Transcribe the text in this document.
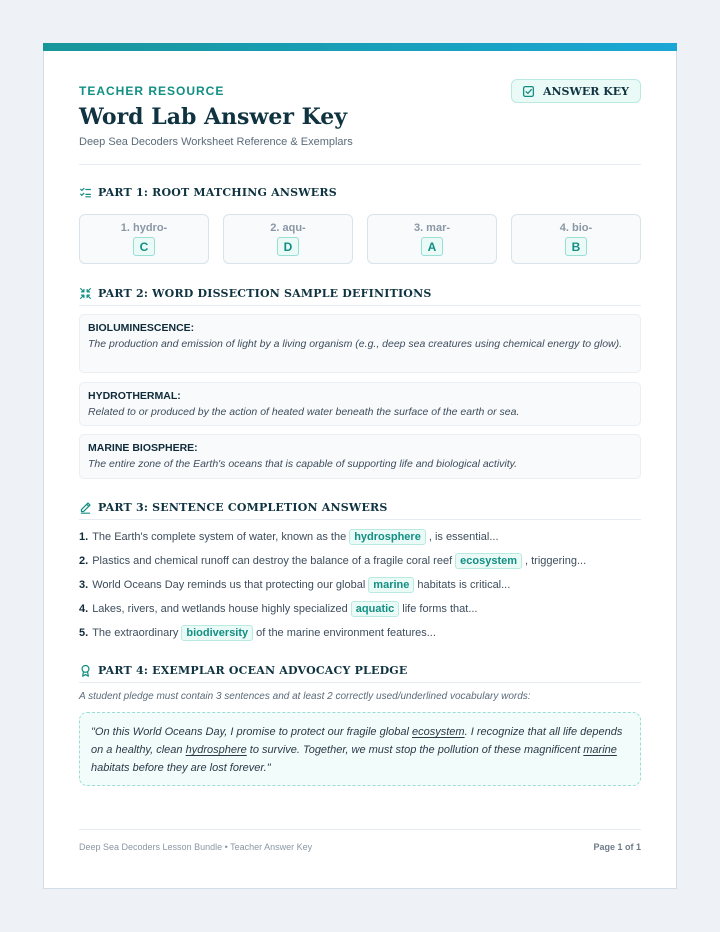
TEACHER RESOURCE	ANSWER KEY
Word Lab Answer Key
Deep Sea Decoders Worksheet Reference & Exemplars
PART 1: ROOT MATCHING ANSWERS
1. hydro-
C
2. aqu-
D
3. mar-
A
4. bio-
B
PART 2: WORD DISSECTION SAMPLE DEFINITIONS
BIOLUMINESCENCE:
The production and emission of light by a living organism (e.g., deep sea creatures using chemical energy to glow).
HYDROTHERMAL:
Related to or produced by the action of heated water beneath the surface of the earth or sea.
MARINE BIOSPHERE:
The entire zone of the Earth's oceans that is capable of supporting life and biological activity.
PART 3: SENTENCE COMPLETION ANSWERS
1. The Earth's complete system of water, known as the hydrosphere , is essential...
2. Plastics and chemical runoff can destroy the balance of a fragile coral reef ecosystem , triggering...
3. World Oceans Day reminds us that protecting our global marine habitats is critical...
4. Lakes, rivers, and wetlands house highly specialized aquatic life forms that...
5. The extraordinary biodiversity of the marine environment features...
PART 4: EXEMPLAR OCEAN ADVOCACY PLEDGE
A student pledge must contain 3 sentences and at least 2 correctly used/underlined vocabulary words:
"On this World Oceans Day, I promise to protect our fragile global ecosystem. I recognize that all life depends on a healthy, clean hydrosphere to survive. Together, we must stop the pollution of these magnificent marine habitats before they are lost forever."
Deep Sea Decoders Lesson Bundle • Teacher Answer Key	Page 1 of 1
